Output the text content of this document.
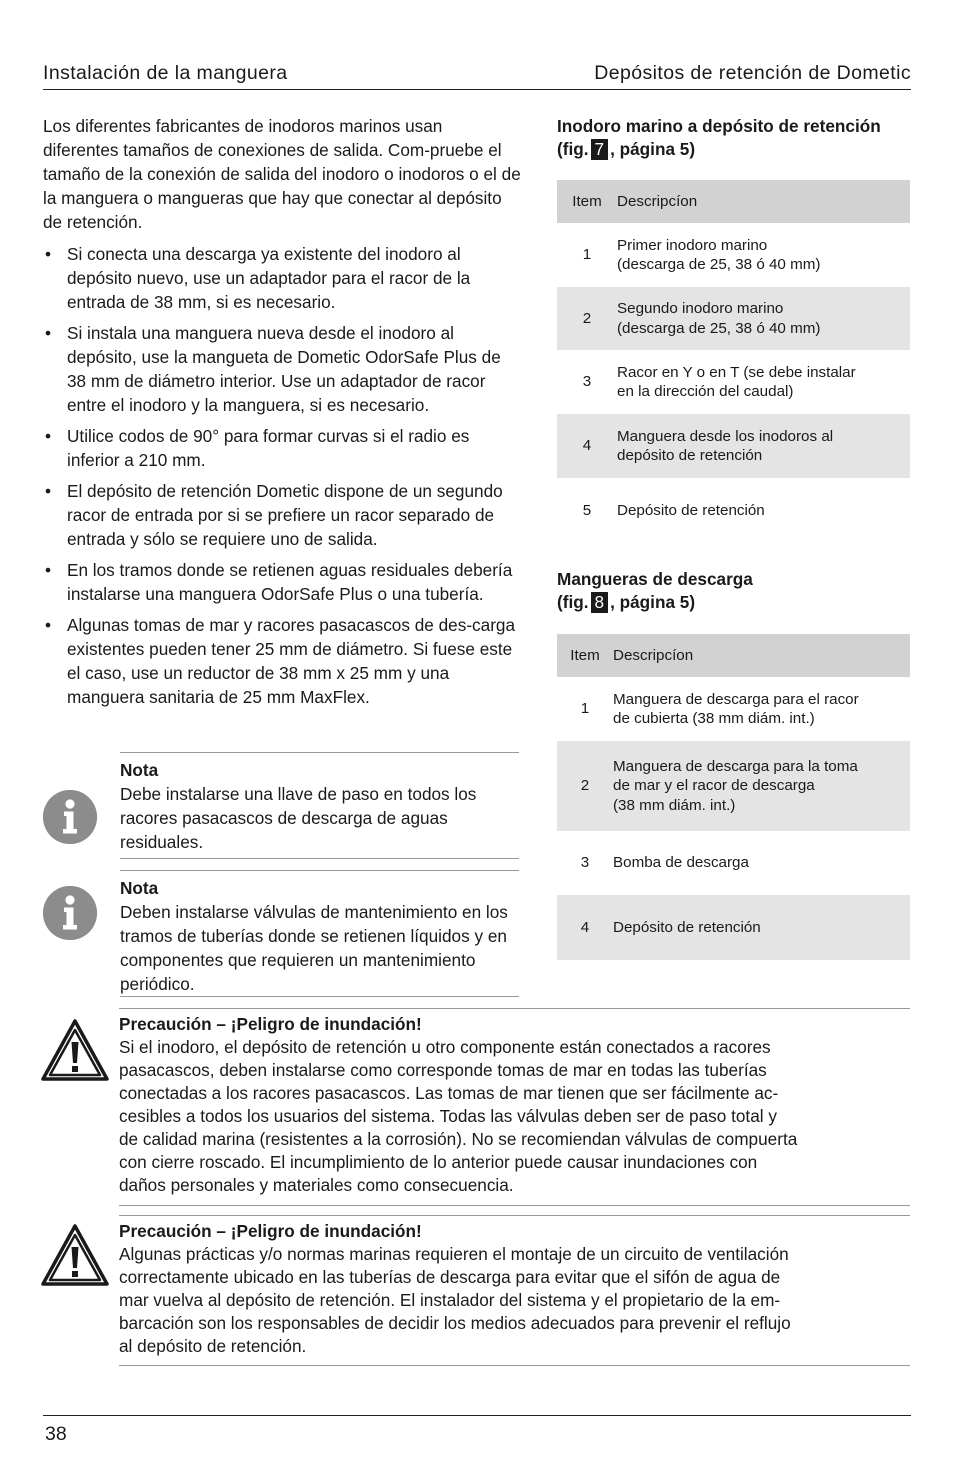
Instalación de la manguera	Depósitos de retención de Dometic

Los diferentes fabricantes de inodoros marinos usan diferentes tamaños de conexiones de salida. Com-pruebe el tamaño de la conexión de salida del inodoro o inodoros o el de la manguera o mangueras que hay que conectar al depósito de retención.

• Si conecta una descarga ya existente del inodoro al depósito nuevo, use un adaptador para el racor de la entrada de 38 mm, si es necesario.
• Si instala una manguera nueva desde el inodoro al depósito, use la mangueta de Dometic OdorSafe Plus de 38 mm de diámetro interior. Use un adaptador de racor entre el inodoro y la manguera, si es necesario.
• Utilice codos de 90° para formar curvas si el radio es inferior a 210 mm.
• El depósito de retención Dometic dispone de un segundo racor de entrada por si se prefiere un racor separado de entrada y sólo se requiere uno de salida.
• En los tramos donde se retienen aguas residuales debería instalarse una manguera OdorSafe Plus o una tubería.
• Algunas tomas de mar y racores pasacascos de des-carga existentes pueden tener 25 mm de diámetro. Si fuese este el caso, use un reductor de 38 mm x 25 mm y una manguera sanitaria de 25 mm MaxFlex.
Nota
Debe instalarse una llave de paso en todos los racores pasacascos de descarga de aguas residuales.
Nota
Deben instalarse válvulas de mantenimiento en los tramos de tuberías donde se retienen líquidos y en componentes que requieren un mantenimiento periódico.
Inodoro marino a depósito de retención (fig. 7 , página 5)
Item	Descripcíon
1	Primer inodoro marino
(descarga de 25, 38 ó 40 mm)

2	Segundo inodoro marino
(descarga de 25, 38 ó 40 mm)

3	Racor en Y o en T (se debe instalar
en la dirección del caudal)

4	Manguera desde los inodoros al
depósito de retención

5	Depósito de retención
Mangueras de descarga
(fig. 8 , página 5)
Item	Descripcíon
1	Manguera de descarga para el racor
de cubierta (38 mm diám. int.)

2	Manguera de descarga para la toma
de mar y el racor de descarga
(38 mm diám. int.)

3	Bomba de descarga

4	Depósito de retención
Precaución – ¡Peligro de inundación!
Si el inodoro, el depósito de retención u otro componente están conectados a racores
pasacascos, deben instalarse como corresponde tomas de mar en todas las tuberías
conectadas a los racores pasacascos. Las tomas de mar tienen que ser fácilmente ac-
cesibles a todos los usuarios del sistema. Todas las válvulas deben ser de paso total y
de calidad marina (resistentes a la corrosión). No se recomiendan válvulas de compuerta
con cierre roscado. El incumplimiento de lo anterior puede causar inundaciones con
daños personales y materiales como consecuencia.
Precaución – ¡Peligro de inundación!
Algunas prácticas y/o normas marinas requieren el montaje de un circuito de ventilación
correctamente ubicado en las tuberías de descarga para evitar que el sifón de agua de
mar vuelva al depósito de retención. El instalador del sistema y el propietario de la em-
barcación son los responsables de decidir los medios adecuados para prevenir el reflujo
al depósito de retención.
38
